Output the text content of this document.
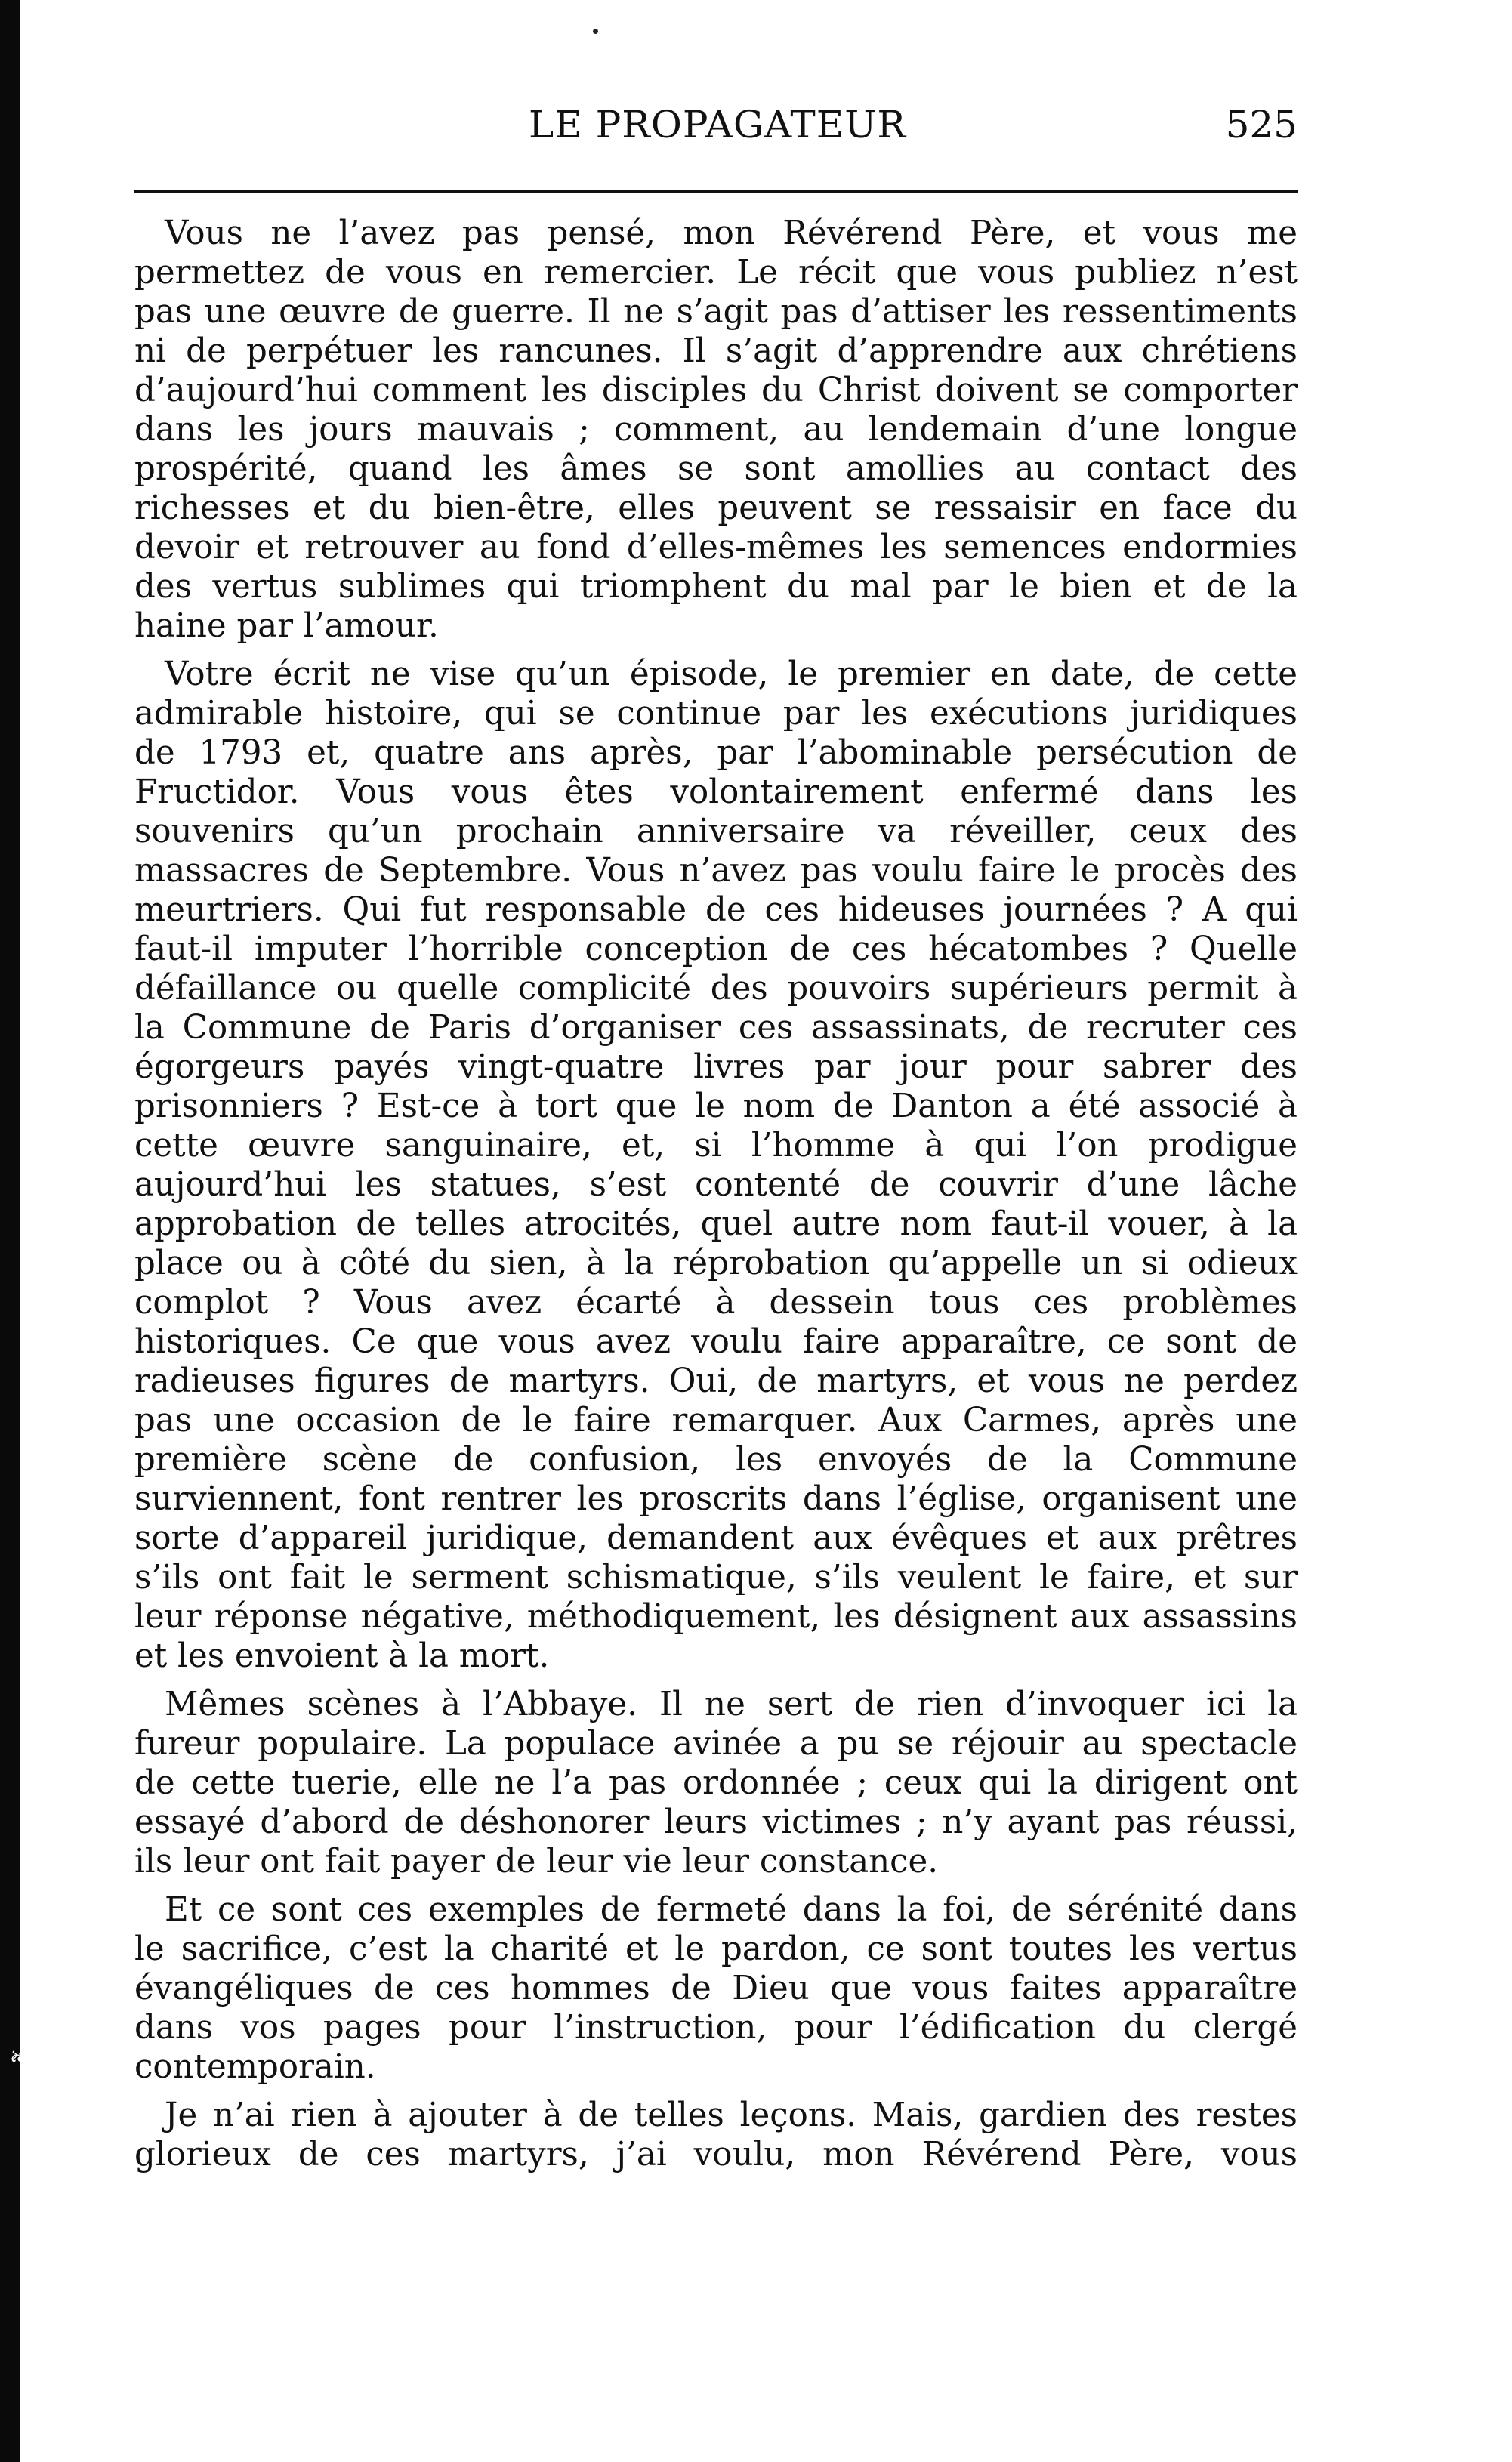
❧
LE PROPAGATEUR	525
Vous ne l’avez pas pensé, mon Révérend Père, et vous me
permettez de vous en remercier. Le récit que vous publiez n’est
pas une œuvre de guerre. Il ne s’agit pas d’attiser les ressentiments
ni de perpétuer les rancunes. Il s’agit d’apprendre aux chrétiens
d’aujourd’hui comment les disciples du Christ doivent se comporter
dans les jours mauvais ; comment, au lendemain d’une longue
prospérité, quand les âmes se sont amollies au contact des
richesses et du bien-être, elles peuvent se ressaisir en face du
devoir et retrouver au fond d’elles-mêmes les semences endormies
des vertus sublimes qui triomphent du mal par le bien et de la
haine par l’amour.
Votre écrit ne vise qu’un épisode, le premier en date, de cette
admirable histoire, qui se continue par les exécutions juridiques
de 1793 et, quatre ans après, par l’abominable persécution de
Fructidor. Vous vous êtes volontairement enfermé dans les
souvenirs qu’un prochain anniversaire va réveiller, ceux des
massacres de Septembre. Vous n’avez pas voulu faire le procès des
meurtriers. Qui fut responsable de ces hideuses journées ? A qui
faut-il imputer l’horrible conception de ces hécatombes ? Quelle
défaillance ou quelle complicité des pouvoirs supérieurs permit à
la Commune de Paris d’organiser ces assassinats, de recruter ces
égorgeurs payés vingt-quatre livres par jour pour sabrer des
prisonniers ? Est-ce à tort que le nom de Danton a été associé à
cette œuvre sanguinaire, et, si l’homme à qui l’on prodigue
aujourd’hui les statues, s’est contenté de couvrir d’une lâche
approbation de telles atrocités, quel autre nom faut-il vouer, à la
place ou à côté du sien, à la réprobation qu’appelle un si odieux
complot ? Vous avez écarté à dessein tous ces problèmes
historiques. Ce que vous avez voulu faire apparaître, ce sont de
radieuses figures de martyrs. Oui, de martyrs, et vous ne perdez
pas une occasion de le faire remarquer. Aux Carmes, après une
première scène de confusion, les envoyés de la Commune
surviennent, font rentrer les proscrits dans l’église, organisent une
sorte d’appareil juridique, demandent aux évêques et aux prêtres
s’ils ont fait le serment schismatique, s’ils veulent le faire, et sur
leur réponse négative, méthodiquement, les désignent aux assassins
et les envoient à la mort.
Mêmes scènes à l’Abbaye. Il ne sert de rien d’invoquer ici la
fureur populaire. La populace avinée a pu se réjouir au spectacle
de cette tuerie, elle ne l’a pas ordonnée ; ceux qui la dirigent ont
essayé d’abord de déshonorer leurs victimes ; n’y ayant pas réussi,
ils leur ont fait payer de leur vie leur constance.
Et ce sont ces exemples de fermeté dans la foi, de sérénité dans
le sacrifice, c’est la charité et le pardon, ce sont toutes les vertus
évangéliques de ces hommes de Dieu que vous faites apparaître
dans vos pages pour l’instruction, pour l’édification du clergé
contemporain.
Je n’ai rien à ajouter à de telles leçons. Mais, gardien des restes
glorieux de ces martyrs, j’ai voulu, mon Révérend Père, vous
